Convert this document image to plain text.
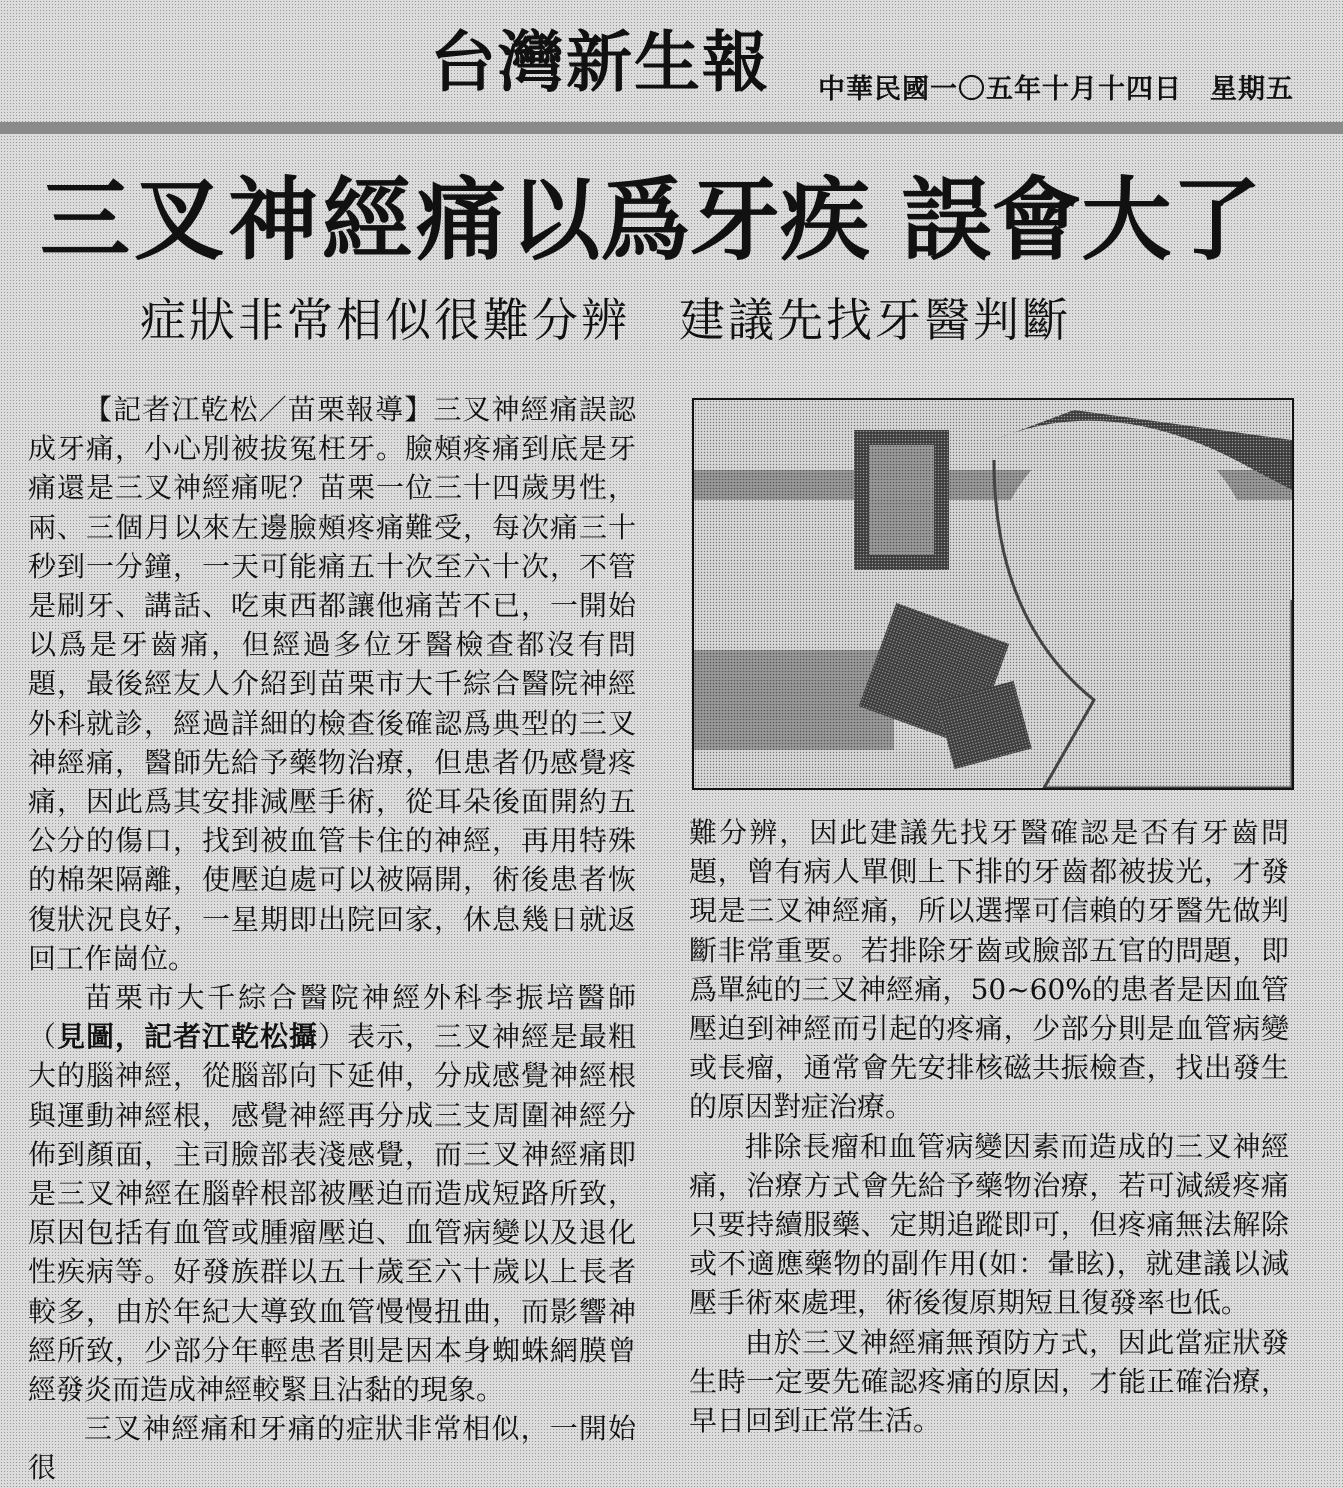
台灣新生報 中華民國一〇五年十月十四日　星期五
三叉神經痛以爲牙疾 誤會大了
症狀非常相似很難分辨　建議先找牙醫判斷

【記者江乾松／苗栗報導】三叉神經痛誤認成牙痛，小心別被拔冤枉牙。臉頰疼痛到底是牙痛還是三叉神經痛呢？苗栗一位三十四歲男性，兩、三個月以來左邊臉頰疼痛難受，每次痛三十秒到一分鐘，一天可能痛五十次至六十次，不管是刷牙、講話、吃東西都讓他痛苦不已，一開始以爲是牙齒痛，但經過多位牙醫檢查都沒有問題，最後經友人介紹到苗栗市大千綜合醫院神經外科就診，經過詳細的檢查後確認爲典型的三叉神經痛，醫師先給予藥物治療，但患者仍感覺疼痛，因此爲其安排減壓手術，從耳朵後面開約五公分的傷口，找到被血管卡住的神經，再用特殊的棉架隔離，使壓迫處可以被隔開，術後患者恢復狀況良好，一星期即出院回家，休息幾日就返回工作崗位。

苗栗市大千綜合醫院神經外科李振培醫師（見圖，記者江乾松攝）表示，三叉神經是最粗大的腦神經，從腦部向下延伸，分成感覺神經根與運動神經根，感覺神經再分成三支周圍神經分佈到顏面，主司臉部表淺感覺，而三叉神經痛即是三叉神經在腦幹根部被壓迫而造成短路所致，原因包括有血管或腫瘤壓迫、血管病變以及退化性疾病等。好發族群以五十歲至六十歲以上長者較多，由於年紀大導致血管慢慢扭曲，而影響神經所致，少部分年輕患者則是因本身蜘蛛網膜曾經發炎而造成神經較緊且沾黏的現象。

三叉神經痛和牙痛的症狀非常相似，一開始很

難分辨，因此建議先找牙醫確認是否有牙齒問題，曾有病人單側上下排的牙齒都被拔光，才發現是三叉神經痛，所以選擇可信賴的牙醫先做判斷非常重要。若排除牙齒或臉部五官的問題，即爲單純的三叉神經痛，50~60%的患者是因血管壓迫到神經而引起的疼痛，少部分則是血管病變或長瘤，通常會先安排核磁共振檢查，找出發生的原因對症治療。

排除長瘤和血管病變因素而造成的三叉神經痛，治療方式會先給予藥物治療，若可減緩疼痛只要持續服藥、定期追蹤即可，但疼痛無法解除或不適應藥物的副作用(如：暈眩)，就建議以減壓手術來處理，術後復原期短且復發率也低。

由於三叉神經痛無預防方式，因此當症狀發生時一定要先確認疼痛的原因，才能正確治療，早日回到正常生活。
